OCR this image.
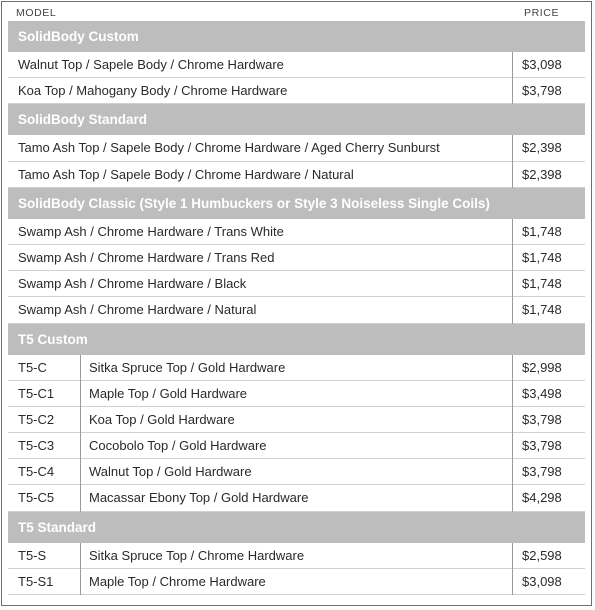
MODEL	PRICE
SolidBody Custom
Walnut Top / Sapele Body / Chrome Hardware	$3,098
Koa Top / Mahogany Body / Chrome Hardware	$3,798
SolidBody Standard
Tamo Ash Top / Sapele Body / Chrome Hardware / Aged Cherry Sunburst	$2,398
Tamo Ash Top / Sapele Body / Chrome Hardware / Natural	$2,398
SolidBody Classic (Style 1 Humbuckers or Style 3 Noiseless Single Coils)
Swamp Ash / Chrome Hardware / Trans White	$1,748
Swamp Ash / Chrome Hardware / Trans Red	$1,748
Swamp Ash / Chrome Hardware / Black	$1,748
Swamp Ash / Chrome Hardware / Natural	$1,748
T5 Custom
T5-C	Sitka Spruce Top / Gold Hardware	$2,998
T5-C1	Maple Top / Gold Hardware	$3,498
T5-C2	Koa Top / Gold Hardware	$3,798
T5-C3	Cocobolo Top / Gold Hardware	$3,798
T5-C4	Walnut Top / Gold Hardware	$3,798
T5-C5	Macassar Ebony Top / Gold Hardware	$4,298
T5 Standard
T5-S	Sitka Spruce Top / Chrome Hardware	$2,598
T5-S1	Maple Top / Chrome Hardware	$3,098
